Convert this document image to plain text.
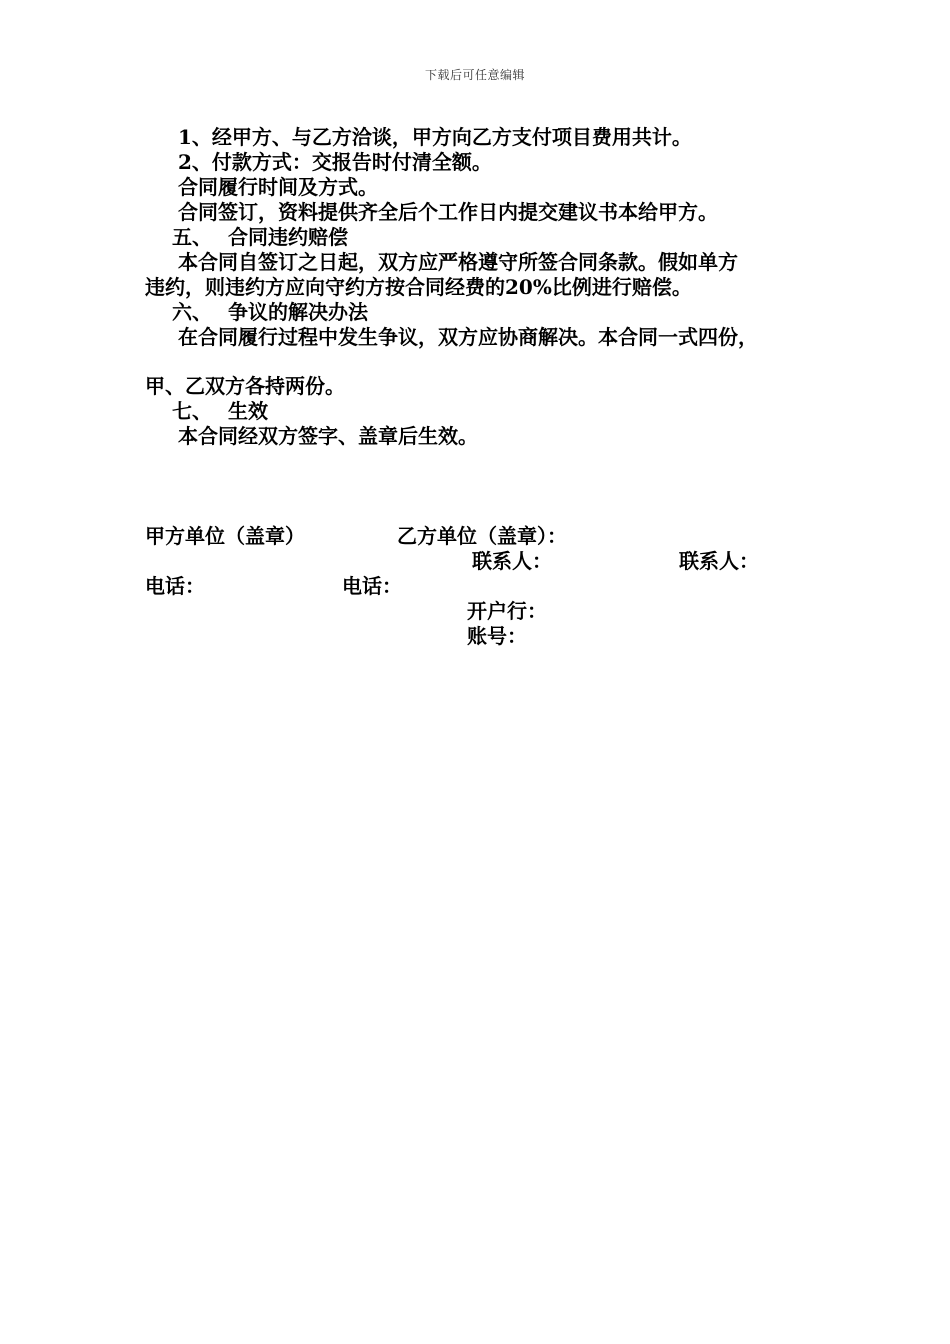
下载后可任意编辑
1、经甲方、与乙方洽谈，甲方向乙方支付项目费用共计。
2、付款方式：交报告时付清全额。
合同履行时间及方式。
合同签订，资料提供齐全后个工作日内提交建议书本给甲方。
五、 合同违约赔偿
本合同自签订之日起，双方应严格遵守所签合同条款。假如单方
违约，则违约方应向守约方按合同经费的20%比例进行赔偿。
六、 争议的解决办法
在合同履行过程中发生争议，双方应协商解决。本合同一式四份，
甲、乙双方各持两份。
七、 生效
本合同经双方签字、盖章后生效。
甲方单位（盖章）	乙方单位（盖章）：
联系人：	联系人：
电话：	电话：
开户行：
账号：
